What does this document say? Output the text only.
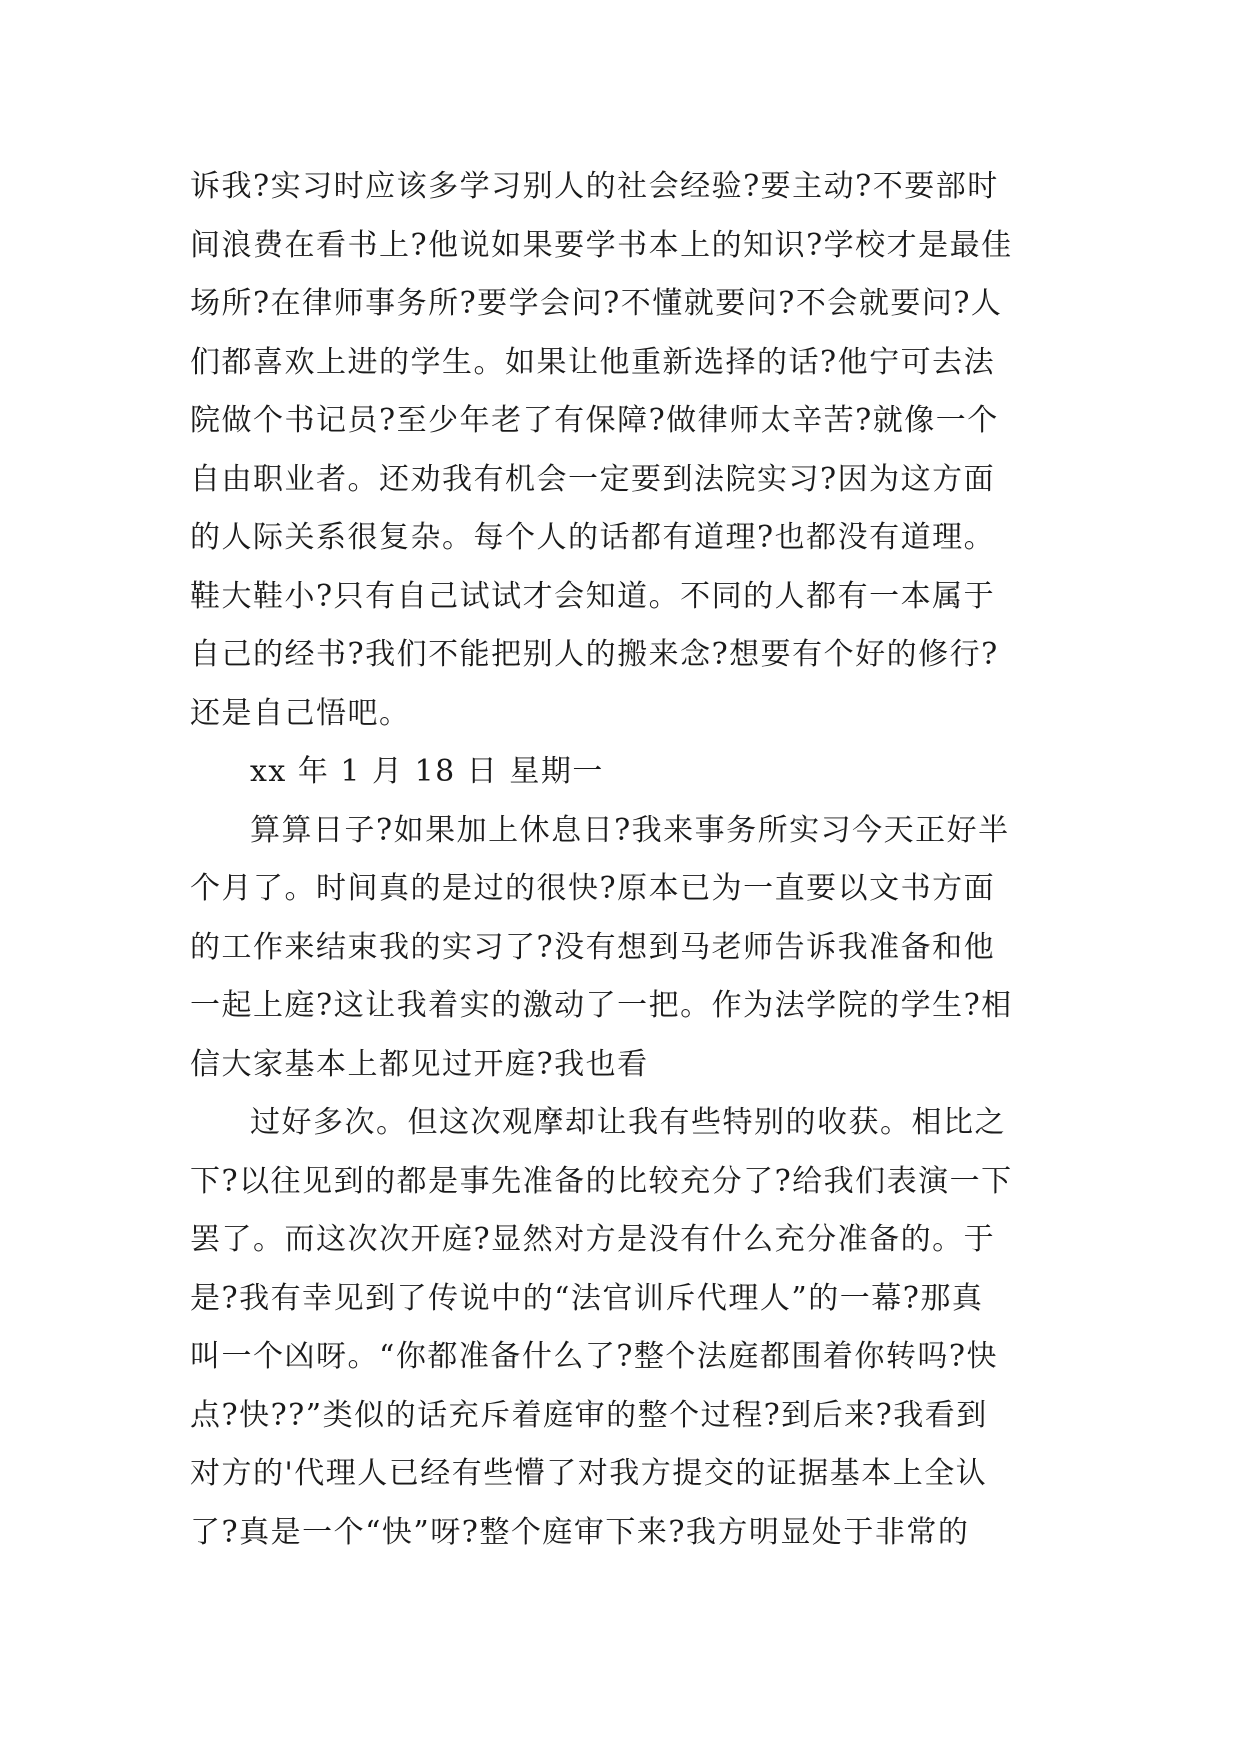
诉我?实习时应该多学习别人的社会经验?要主动?不要部时
间浪费在看书上?他说如果要学书本上的知识?学校才是最佳
场所?在律师事务所?要学会问?不懂就要问?不会就要问?人
们都喜欢上进的学生。如果让他重新选择的话?他宁可去法
院做个书记员?至少年老了有保障?做律师太辛苦?就像一个
自由职业者。还劝我有机会一定要到法院实习?因为这方面
的人际关系很复杂。每个人的话都有道理?也都没有道理。
鞋大鞋小?只有自己试试才会知道。不同的人都有一本属于
自己的经书?我们不能把别人的搬来念?想要有个好的修行?
还是自己悟吧。
xx 年 1 月 18 日 星期一
算算日子?如果加上休息日?我来事务所实习今天正好半
个月了。时间真的是过的很快?原本已为一直要以文书方面
的工作来结束我的实习了?没有想到马老师告诉我准备和他
一起上庭?这让我着实的激动了一把。作为法学院的学生?相
信大家基本上都见过开庭?我也看
过好多次。但这次观摩却让我有些特别的收获。相比之
下?以往见到的都是事先准备的比较充分了?给我们表演一下
罢了。而这次次开庭?显然对方是没有什么充分准备的。于
是?我有幸见到了传说中的“法官训斥代理人”的一幕?那真
叫一个凶呀。“你都准备什么了?整个法庭都围着你转吗?快
点?快??”类似的话充斥着庭审的整个过程?到后来?我看到
对方的'代理人已经有些懵了对我方提交的证据基本上全认
了?真是一个“快”呀?整个庭审下来?我方明显处于非常的
